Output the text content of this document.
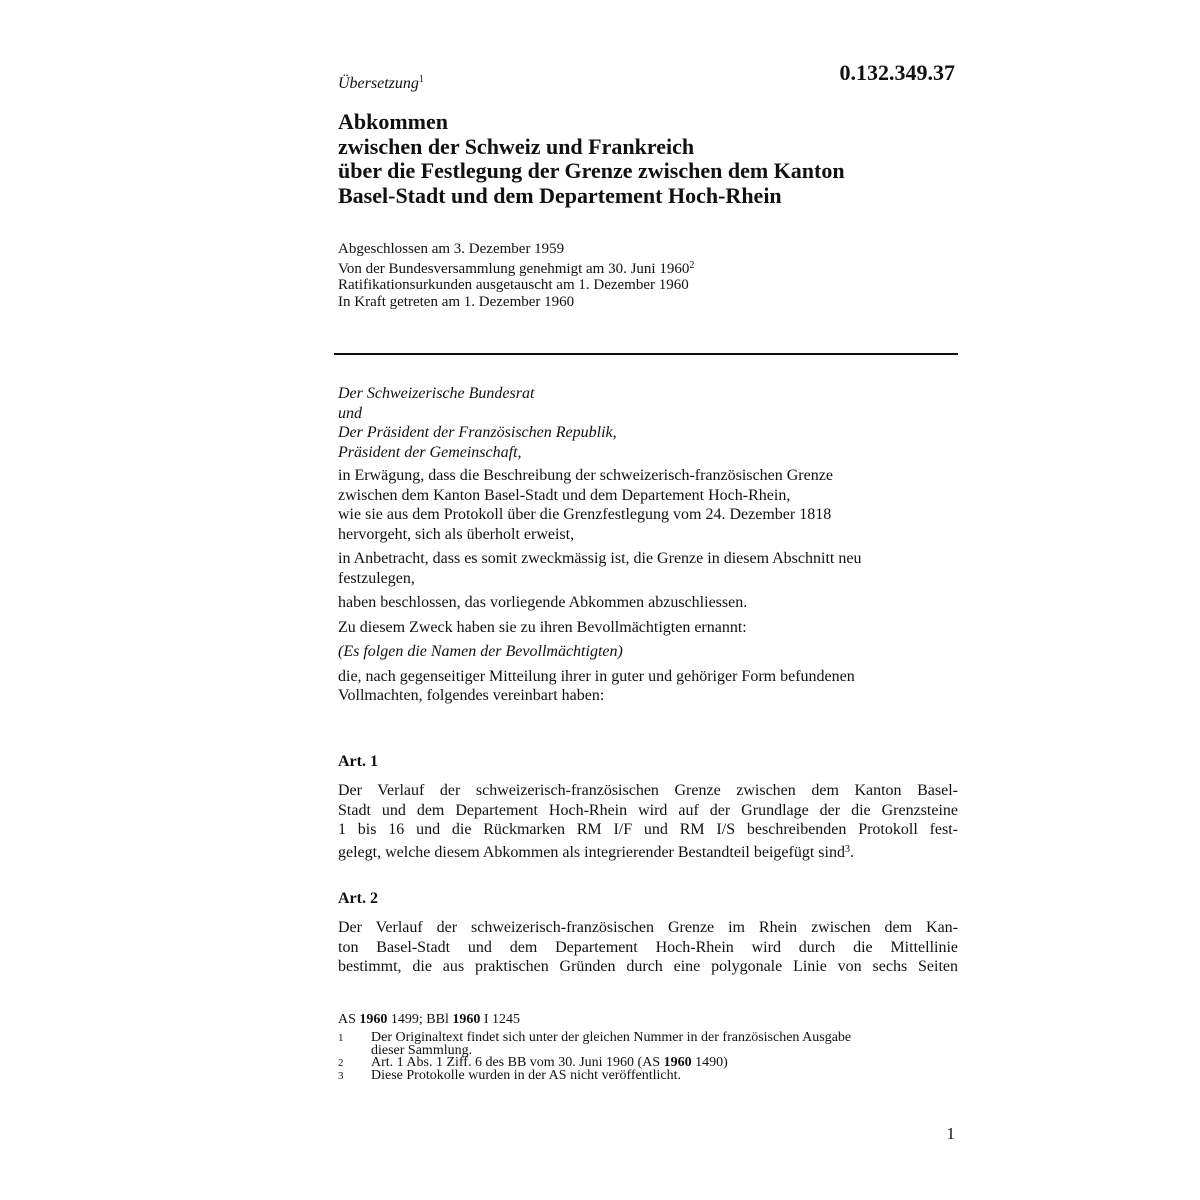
0.132.349.37
Übersetzung$^1$
Abkommen
zwischen der Schweiz und Frankreich
über die Festlegung der Grenze zwischen dem Kanton
Basel-Stadt und dem Departement Hoch-Rhein
Abgeschlossen am 3. Dezember 1959
Von der Bundesversammlung genehmigt am 30. Juni 1960$^2$
Ratifikationsurkunden ausgetauscht am 1. Dezember 1960
In Kraft getreten am 1. Dezember 1960
Der Schweizerische Bundesrat
und
Der Präsident der Französischen Republik,
Präsident der Gemeinschaft,
in Erwägung, dass die Beschreibung der schweizerisch-französischen Grenze
zwischen dem Kanton Basel-Stadt und dem Departement Hoch-Rhein,
wie sie aus dem Protokoll über die Grenzfestlegung vom 24. Dezember 1818
hervorgeht, sich als überholt erweist,
in Anbetracht, dass es somit zweckmässig ist, die Grenze in diesem Abschnitt neu
festzulegen,
haben beschlossen, das vorliegende Abkommen abzuschliessen.
Zu diesem Zweck haben sie zu ihren Bevollmächtigten ernannt:
(Es folgen die Namen der Bevollmächtigten)
die, nach gegenseitiger Mitteilung ihrer in guter und gehöriger Form befundenen
Vollmachten, folgendes vereinbart haben:
Art. 1
Der Verlauf der schweizerisch-französischen Grenze zwischen dem Kanton Basel-
Stadt und dem Departement Hoch-Rhein wird auf der Grundlage der die Grenzsteine
1 bis 16 und die Rückmarken RM I/F und RM I/S beschreibenden Protokoll fest-
gelegt, welche diesem Abkommen als integrierender Bestandteil beigefügt sind$^3$.
Art. 2
Der Verlauf der schweizerisch-französischen Grenze im Rhein zwischen dem Kan-
ton Basel-Stadt und dem Departement Hoch-Rhein wird durch die Mittellinie
bestimmt, die aus praktischen Gründen durch eine polygonale Linie von sechs Seiten
AS 1960 1499; BBl 1960 I 1245
1	Der Originaltext findet sich unter der gleichen Nummer in der französischen Ausgabe
dieser Sammlung.
2	Art. 1 Abs. 1 Ziff. 6 des BB vom 30. Juni 1960 (AS 1960 1490)
3	Diese Protokolle wurden in der AS nicht veröffentlicht.
1
